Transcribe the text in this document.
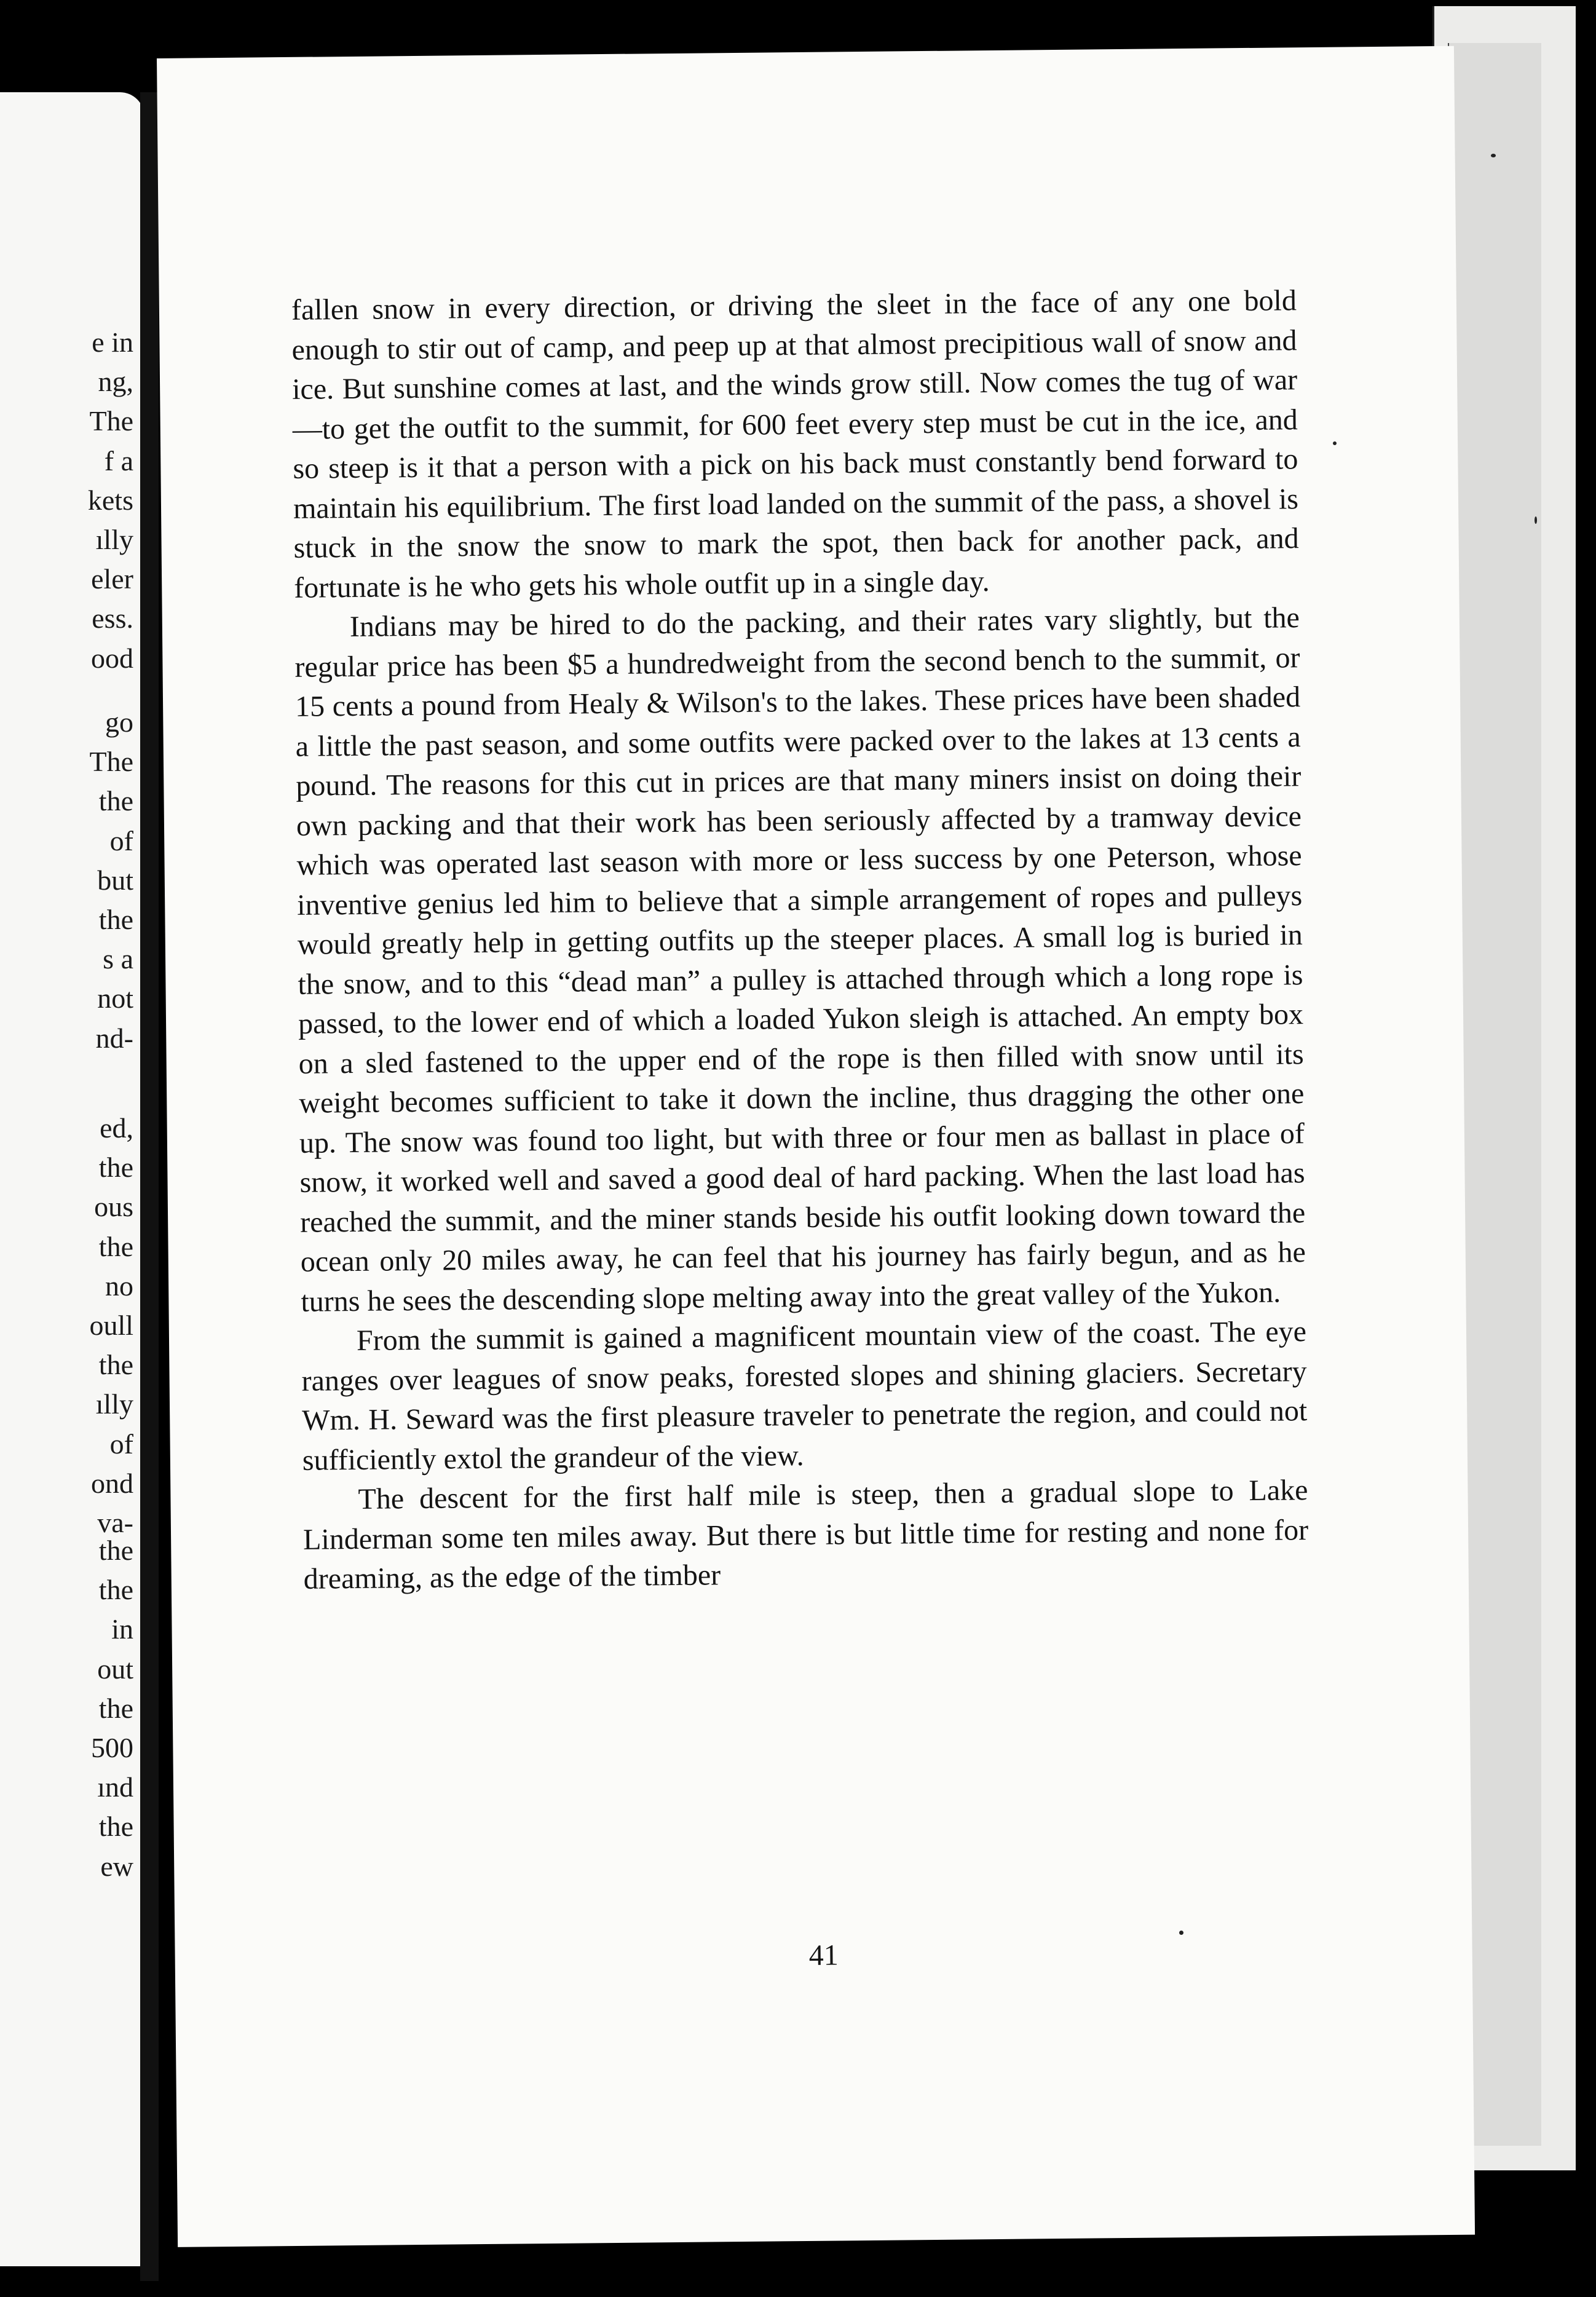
e in

ng,

The

f a

kets

ılly

eler

ess.

ood

go

The

the

of

but

the

s a

not

nd-

ed,

the

ous

the

no

oull

the

ılly

of

ond

va-

the

the

in

out

the

500

ınd

the

ew

fallen snow in every direction, or driving the sleet in the face of any one bold enough to stir out of camp, and peep up at that almost precipitious wall of snow and ice. But sunshine comes at last, and the winds grow still. Now comes the tug of war—to get the outfit to the summit, for 600 feet every step must be cut in the ice, and so steep is it that a person with a pick on his back must constantly bend forward to maintain his equilibrium. The first load landed on the summit of the pass, a shovel is stuck in the snow the snow to mark the spot, then back for another pack, and fortunate is he who gets his whole outfit up in a single day.

Indians may be hired to do the packing, and their rates vary slightly, but the regular price has been $5 a hundredweight from the second bench to the summit, or 15 cents a pound from Healy & Wilson's to the lakes. These prices have been shaded a little the past season, and some outfits were packed over to the lakes at 13 cents a pound. The reasons for this cut in prices are that many miners insist on doing their own packing and that their work has been seriously affected by a tramway device which was operated last season with more or less success by one Peterson, whose inventive genius led him to believe that a simple arrangement of ropes and pulleys would greatly help in getting outfits up the steeper places. A small log is buried in the snow, and to this “dead man” a pulley is attached through which a long rope is passed, to the lower end of which a loaded Yukon sleigh is attached. An empty box on a sled fastened to the upper end of the rope is then filled with snow until its weight becomes sufficient to take it down the incline, thus dragging the other one up. The snow was found too light, but with three or four men as ballast in place of snow, it worked well and saved a good deal of hard packing. When the last load has reached the summit, and the miner stands beside his outfit looking down toward the ocean only 20 miles away, he can feel that his journey has fairly begun, and as he turns he sees the descending slope melting away into the great valley of the Yukon.

From the summit is gained a magnificent mountain view of the coast. The eye ranges over leagues of snow peaks, forested slopes and shining glaciers. Secretary Wm. H. Seward was the first pleasure traveler to penetrate the region, and could not sufficiently extol the grandeur of the view.

The descent for the first half mile is steep, then a gradual slope to Lake Linderman some ten miles away. But there is but little time for resting and none for dreaming, as the edge of the timber

41
